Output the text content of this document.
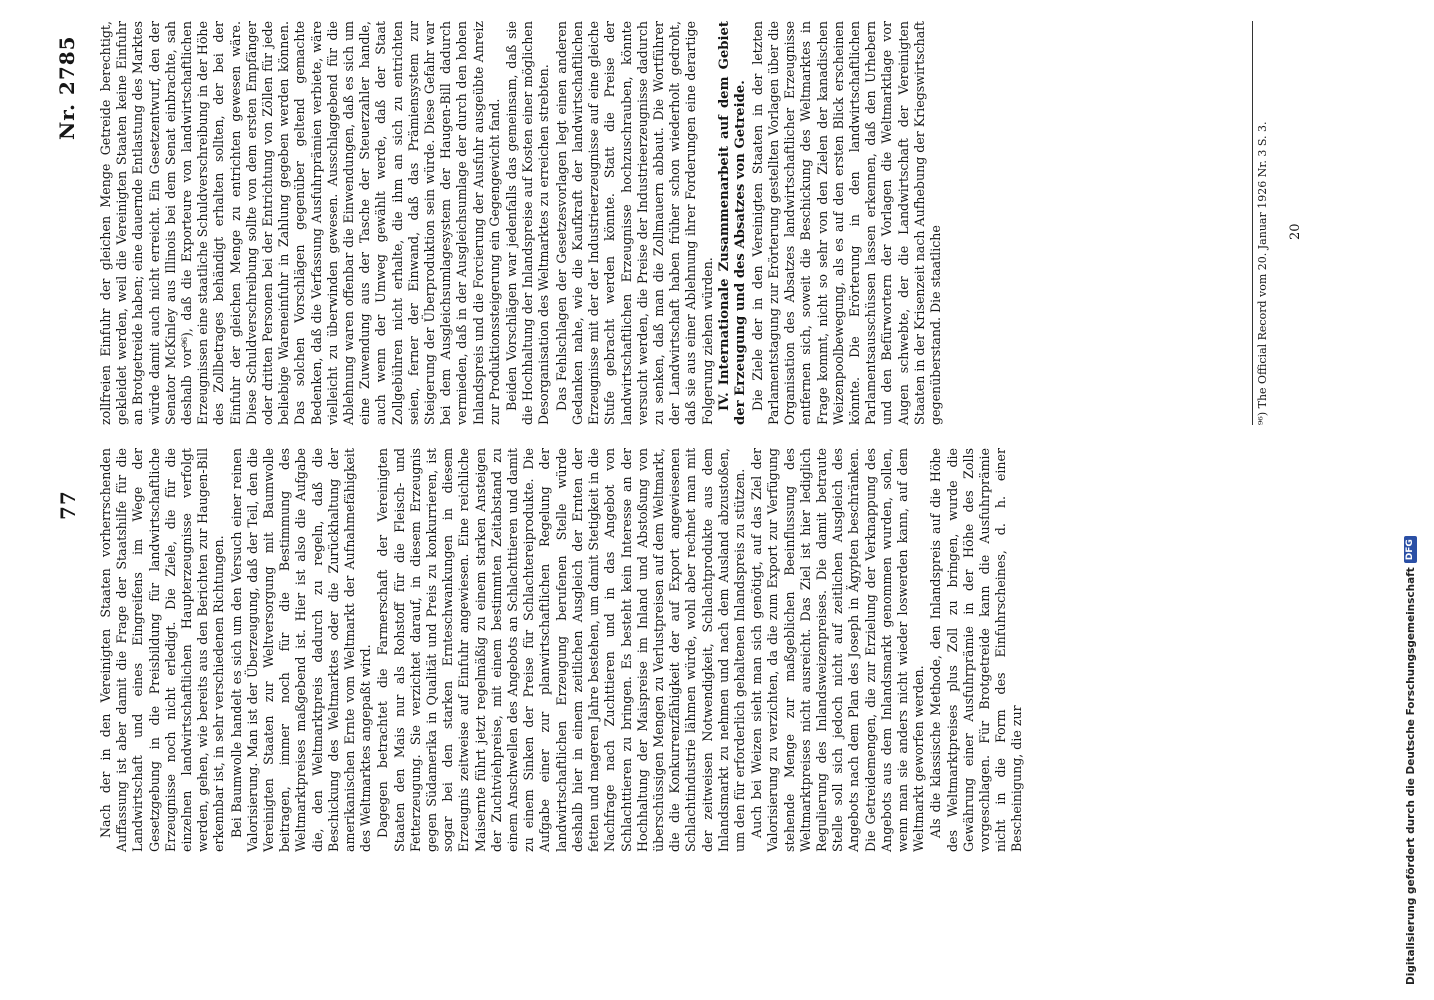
77
Nr. 2785

Nach der in den Vereinigten Staaten vorherrschenden Auffassung ist aber damit die Frage der Staatshilfe für die Landwirtschaft und eines Eingreifens im Wege der Gesetzgebung in die Preisbildung für landwirtschaftliche Erzeugnisse noch nicht erledigt. Die Ziele, die für die einzelnen landwirtschaftlichen Haupterzeugnisse verfolgt werden, gehen, wie bereits aus den Berichten zur Haugen-Bill erkennbar ist, in sehr verschiedenen Richtungen. Bei Baumwolle handelt es sich um den Versuch einer reinen Valorisierung. Man ist der Überzeugung, daß der Teil, den die Vereinigten Staaten zur Weltversorgung mit Baumwolle beitragen, immer noch für die Bestimmung des Weltmarktpreises maßgebend ist. Hier ist also die Aufgabe die, den Weltmarktpreis dadurch zu regeln, daß die Beschickung des Weltmarktes oder die Zurückhaltung der amerikanischen Ernte vom Weltmarkt der Aufnahmefähigkeit des Weltmarktes angepaßt wird. Dagegen betrachtet die Farmerschaft der Vereinigten Staaten den Mais nur als Rohstoff für die Fleisch- und Fetterzeugung. Sie verzichtet darauf, in diesem Erzeugnis gegen Südamerika in Qualität und Preis zu konkurrieren, ist sogar bei den starken Ernteschwankungen in diesem Erzeugnis zeitweise auf Einfuhr angewiesen. Eine reichliche Maisernte führt jetzt regelmäßig zu einem starken Ansteigen der Zuchtviehpreise, mit einem bestimmten Zeitabstand zu einem Anschwellen des Angebots an Schlachttieren und damit zu einem Sinken der Preise für Schlachtereiprodukte. Die Aufgabe einer zur planwirtschaftlichen Regelung der landwirtschaftlichen Erzeugung berufenen Stelle würde deshalb hier in einem zeitlichen Ausgleich der Ernten der fetten und mageren Jahre bestehen, um damit Stetigkeit in die Nachfrage nach Zuchttieren und in das Angebot von Schlachttieren zu bringen. Es besteht kein Interesse an der Hochhaltung der Maispreise im Inland und Abstoßung von überschüssigen Mengen zu Verlustpreisen auf dem Weltmarkt, die die Konkurrenzfähigkeit der auf Export angewiesenen Schlachtindustrie lähmen würde, wohl aber rechnet man mit der zeitweisen Notwendigkeit, Schlachtprodukte aus dem Inlandsmarkt zu nehmen und nach dem Ausland abzustoßen, um den für erforderlich gehaltenen Inlandspreis zu stützen. Auch bei Weizen sieht man sich genötigt, auf das Ziel der Valorisierung zu verzichten, da die zum Export zur Verfügung stehende Menge zur maßgeblichen Beeinflussung des Weltmarktpreises nicht ausreicht. Das Ziel ist hier lediglich Regulierung des Inlandsweizenpreises. Die damit betraute Stelle soll sich jedoch nicht auf zeitlichen Ausgleich des Angebots nach dem Plan des Joseph in Ägypten beschränken. Die Getreidemengen, die zur Erzielung der Verknappung des Angebots aus dem Inlandsmarkt genommen wurden, sollen, wenn man sie anders nicht wieder loswerden kann, auf dem Weltmarkt geworfen werden. Als die klassische Methode, den Inlandspreis auf die Höhe des Weltmarktpreises plus Zoll zu bringen, wurde die Gewährung einer Ausfuhrprämie in der Höhe des Zolls vorgeschlagen. Für Brotgetreide kann die Ausfuhrprämie nicht in die Form des Einfuhrscheines, d. h. einer Bescheinigung, die zur

zollfreien Einfuhr der gleichen Menge Getreide berechtigt, gekleidet werden, weil die Vereinigten Staaten keine Einfuhr an Brotgetreide haben; eine dauernde Entlastung des Marktes würde damit auch nicht erreicht. Ein Gesetzentwurf, den der Senator McKinley aus Illinois bei dem Senat einbrachte, sah deshalb vor⁹⁶), daß die Exporteure von landwirtschaftlichen Erzeugnissen eine staatliche Schuldverschreibung in der Höhe des Zollbetrages behändigt erhalten sollten, der bei der Einfuhr der gleichen Menge zu entrichten gewesen wäre. Diese Schuldverschreibung sollte von dem ersten Empfänger oder dritten Personen bei der Entrichtung von Zöllen für jede beliebige Wareneinfuhr in Zahlung gegeben werden können. Das solchen Vorschlägen gegenüber geltend gemachte Bedenken, daß die Verfassung Ausfuhrprämien verbiete, wäre vielleicht zu überwinden gewesen. Ausschlaggebend für die Ablehnung waren offenbar die Einwendungen, daß es sich um eine Zuwendung aus der Tasche der Steuerzahler handle, auch wenn der Umweg gewählt werde, daß der Staat Zollgebühren nicht erhalte, die ihm an sich zu entrichten seien, ferner der Einwand, daß das Prämiensystem zur Steigerung der Überproduktion sein würde. Diese Gefahr war bei dem Ausgleichsumlagesystem der Haugen-Bill dadurch vermieden, daß in der Ausgleichsumlage der durch den hohen Inlandspreis und die Forcierung der Ausfuhr ausgeübte Anreiz zur Produktionssteigerung ein Gegengewicht fand. Beiden Vorschlägen war jedenfalls das gemeinsam, daß sie die Hochhaltung der Inlandspreise auf Kosten einer möglichen Desorganisation des Weltmarktes zu erreichen strebten. Das Fehlschlagen der Gesetzesvorlagen legt einen anderen Gedanken nahe, wie die Kaufkraft der landwirtschaftlichen Erzeugnisse mit der der Industrieerzeugnisse auf eine gleiche Stufe gebracht werden könnte. Statt die Preise der landwirtschaftlichen Erzeugnisse hochzuschrauben, könnte versucht werden, die Preise der Industrieerzeugnisse dadurch zu senken, daß man die Zollmauern abbaut. Die Wortführer der Landwirtschaft haben früher schon wiederholt gedroht, daß sie aus einer Ablehnung ihrer Forderungen eine derartige Folgerung ziehen würden. IV. Internationale Zusammenarbeit auf dem Gebiet der Erzeugung und des Absatzes von Getreide. Die Ziele der in den Vereinigten Staaten in der letzten Parlamentstagung zur Erörterung gestellten Vorlagen über die Organisation des Absatzes landwirtschaftlicher Erzeugnisse entfernen sich, soweit die Beschickung des Weltmarktes in Frage kommt, nicht so sehr von den Zielen der kanadischen Weizenpoolbewegung, als es auf den ersten Blick erscheinen könnte. Die Erörterung in den landwirtschaftlichen Parlamentsausschüssen lassen erkennen, daß den Urhebern und den Befürwortern der Vorlagen die Weltmarktlage vor Augen schwebte, der die Landwirtschaft der Vereinigten Staaten in der Krisenzeit nach Aufhebung der Kriegswirtschaft gegenüberstand. Die staatliche	⁹⁶) The Official Record vom 20. Januar 1926 Nr. 3 S. 3. 20
Digitalisierung gefördert durch die Deutsche Forschungsgemeinschaft
DFG
